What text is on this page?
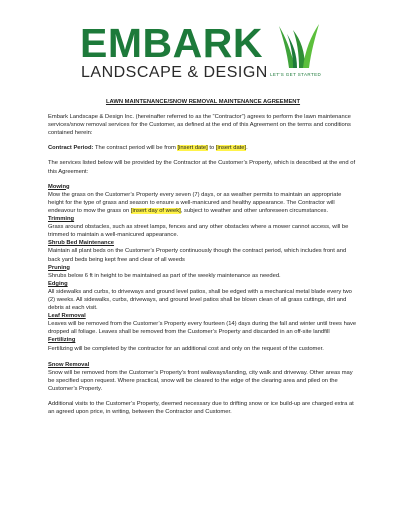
EMBARK
LANDSCAPE & DESIGN LET'S GET STARTED

LAWN MAINTENANCE/SNOW REMOVAL MAINTENANCE AGREEMENT

Embark Landscape & Design Inc. (hereinafter referred to as the “Contractor”) agrees to perform the lawn maintenance services/snow removal services for the Customer, as defined at the end of this Agreement on the terms and conditions contained herein:

Contract Period: The contract period will be from [insert date] to [insert date].

The services listed below will be provided by the Contractor at the Customer’s Property, which is described at the end of this Agreement:

Mowing

Mow the grass on the Customer’s Property every seven (7) days, or as weather permits to maintain an appropriate height for the type of grass and season to ensure a well-manicured and healthy appearance. The Contractor will endeavour to mow the grass on [insert day of week], subject to weather and other unforeseen circumstances.

Trimming

Grass around obstacles, such as street lamps, fences and any other obstacles where a mower cannot access, will be trimmed to maintain a well-manicured appearance.

Shrub Bed Maintenance

Maintain all plant beds on the Customer’s Property continuously though the contract period, which includes front and back yard beds being kept free and clear of all weeds

Pruning

Shrubs below 6 ft in height to be maintained as part of the weekly maintenance as needed.

Edging

All sidewalks and curbs, to driveways and ground level patios, shall be edged with a mechanical metal blade every two (2) weeks. All sidewalks, curbs, driveways, and ground level patios shall be blown clean of all grass cuttings, dirt and debris at each visit.

Leaf Removal

Leaves will be removed from the Customer’s Property every fourteen (14) days during the fall and winter until trees have dropped all foliage. Leaves shall be removed from the Customer’s Property and discarded in an off-site landfill

Fertilizing

Fertilizing will be completed by the contractor for an additional cost and only on the request of the customer.

Snow Removal

Snow will be removed from the Customer’s Property’s front walkways/landing, city walk and driveway. Other areas may be specified upon request. Where practical, snow will be cleared to the edge of the clearing area and piled on the Customer’s Property.

Additional visits to the Customer’s Property, deemed necessary due to drifting snow or ice build-up are charged extra at an agreed upon price, in writing, between the Contractor and Customer.
